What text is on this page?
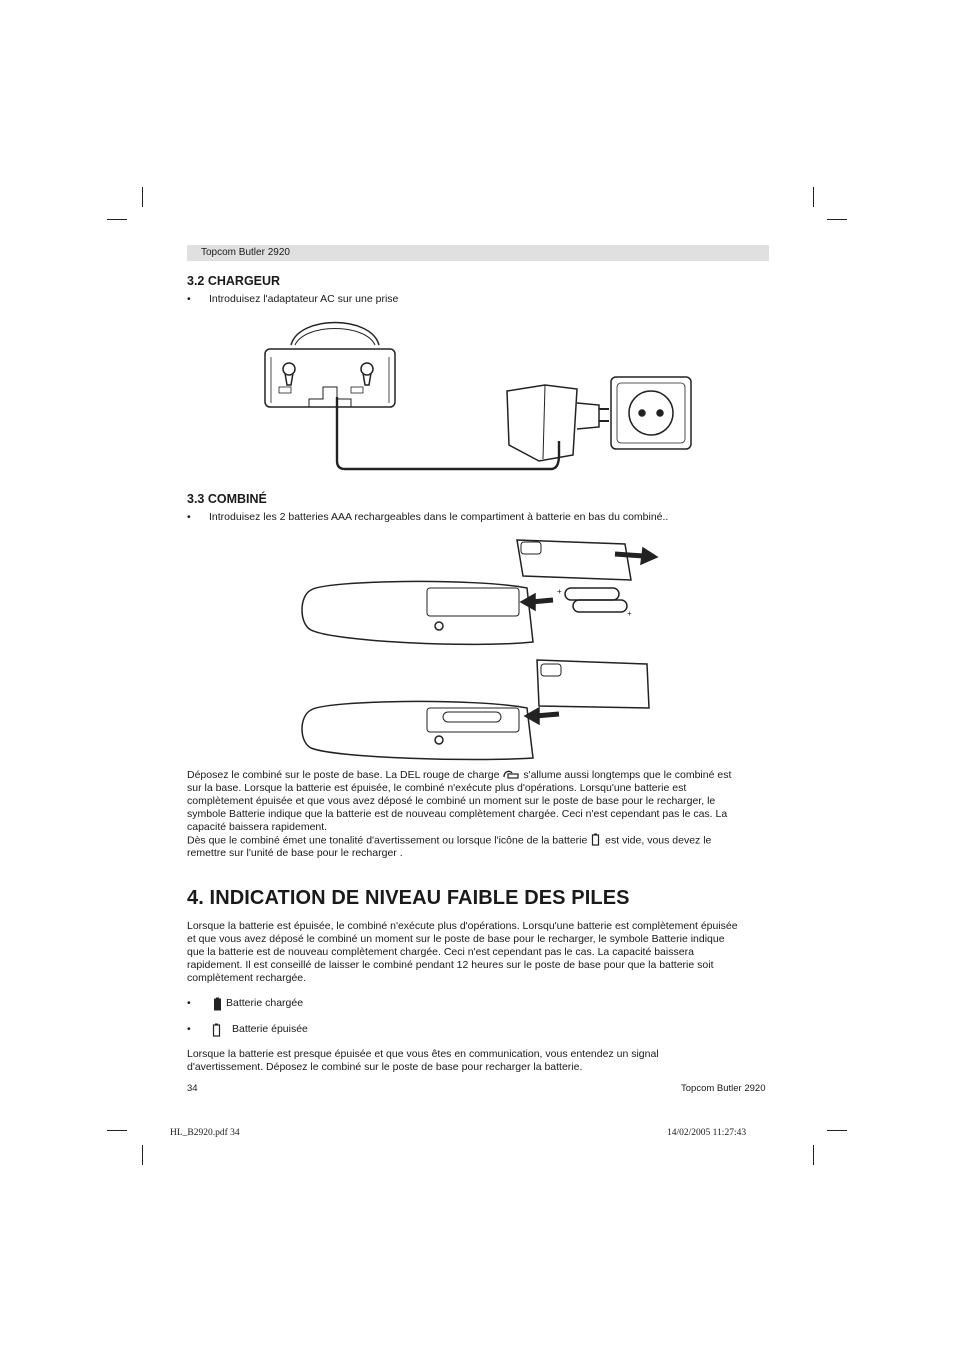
Topcom Butler 2920
3.2 CHARGEUR
• Introduisez l'adaptateur AC sur une prise
3.3 COMBINÉ
• Introduisez les 2 batteries AAA rechargeables dans le compartiment à batterie en bas du combiné..
+
+

Déposez le combiné sur le poste de base. La DEL rouge de charge s'allume aussi longtemps que le combiné est

sur la base. Lorsque la batterie est épuisée, le combiné n'exécute plus d'opérations. Lorsqu'une batterie est

complètement épuisée et que vous avez déposé le combiné un moment sur le poste de base pour le recharger, le

symbole Batterie indique que la batterie est de nouveau complètement chargée. Ceci n'est cependant pas le cas. La

capacité baissera rapidement.

Dès que le combiné émet une tonalité d'avertissement ou lorsque l'icône de la batterie est vide, vous devez le

remettre sur l'unité de base pour le recharger .

4. INDICATION DE NIVEAU FAIBLE DES PILES

Lorsque la batterie est épuisée, le combiné n'exécute plus d'opérations. Lorsqu'une batterie est complètement épuisée

et que vous avez déposé le combiné un moment sur le poste de base pour le recharger, le symbole Batterie indique

que la batterie est de nouveau complètement chargée. Ceci n'est cependant pas le cas. La capacité baissera

rapidement. Il est conseillé de laisser le combiné pendant 12 heures sur le poste de base pour que la batterie soit

complètement rechargée.

•	Batterie chargée
•	Batterie épuisée

Lorsque la batterie est presque épuisée et que vous êtes en communication, vous entendez un signal

d'avertissement. Déposez le combiné sur le poste de base pour recharger la batterie.

34	Topcom Butler 2920
HL_B2920.pdf 34	14/02/2005 11:27:43
